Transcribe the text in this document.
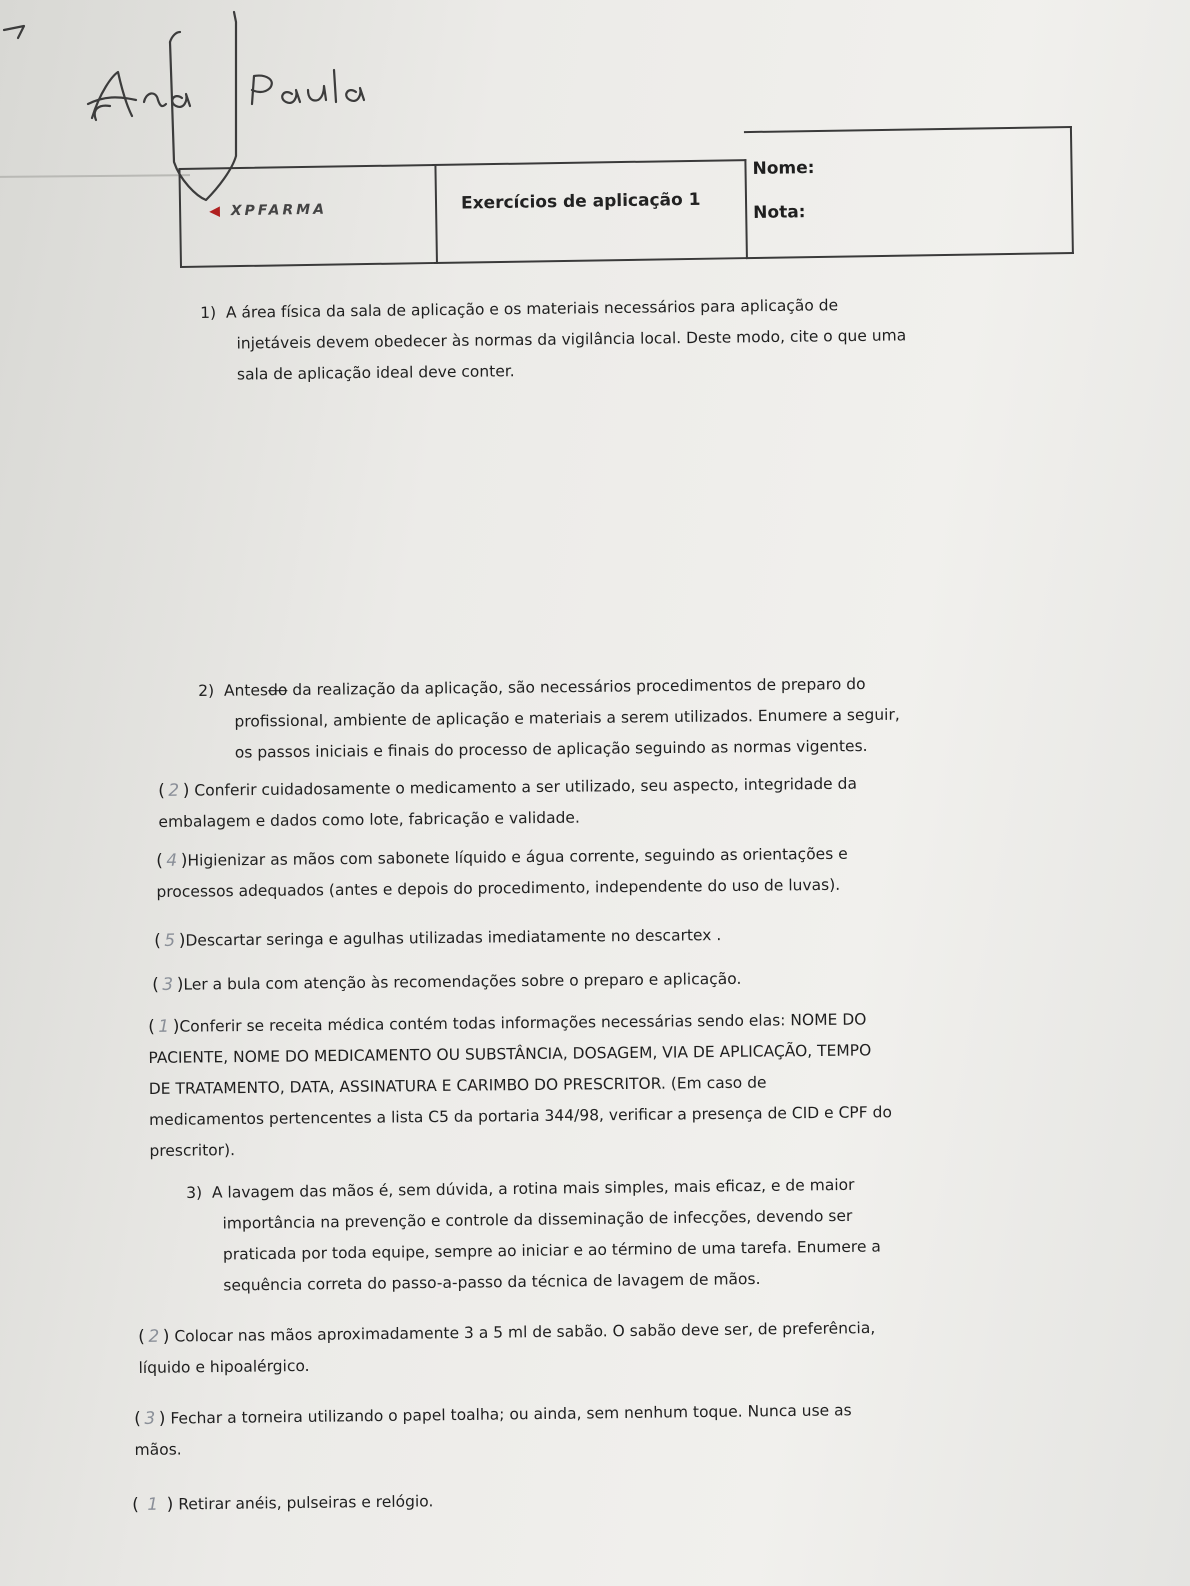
Nome:
Nota:
◀ XPFARMA	Exercícios de aplicação 1
1) A área física da sala de aplicação e os materiais necessários para aplicação de
injetáveis devem obedecer às normas da vigilância local. Deste modo, cite o que uma
sala de aplicação ideal deve conter.

2) Antesdo da realização da aplicação, são necessários procedimentos de preparo do
profissional, ambiente de aplicação e materiais a serem utilizados. Enumere a seguir,
os passos iniciais e finais do processo de aplicação seguindo as normas vigentes.
( 2 ) Conferir cuidadosamente o medicamento a ser utilizado, seu aspecto, integridade da
embalagem e dados como lote, fabricação e validade.
( 4 )Higienizar as mãos com sabonete líquido e água corrente, seguindo as orientações e
processos adequados (antes e depois do procedimento, independente do uso de luvas).
( 5 )Descartar seringa e agulhas utilizadas imediatamente no descartex .
( 3 )Ler a bula com atenção às recomendações sobre o preparo e aplicação.
( 1 )Conferir se receita médica contém todas informações necessárias sendo elas: NOME DO
PACIENTE, NOME DO MEDICAMENTO OU SUBSTÂNCIA, DOSAGEM, VIA DE APLICAÇÃO, TEMPO
DE TRATAMENTO, DATA, ASSINATURA E CARIMBO DO PRESCRITOR. (Em caso de
medicamentos pertencentes a lista C5 da portaria 344/98, verificar a presença de CID e CPF do
prescritor).
3) A lavagem das mãos é, sem dúvida, a rotina mais simples, mais eficaz, e de maior
importância na prevenção e controle da disseminação de infecções, devendo ser
praticada por toda equipe, sempre ao iniciar e ao término de uma tarefa. Enumere a
sequência correta do passo-a-passo da técnica de lavagem de mãos.
( 2 ) Colocar nas mãos aproximadamente 3 a 5 ml de sabão. O sabão deve ser, de preferência,
líquido e hipoalérgico.
( 3 ) Fechar a torneira utilizando o papel toalha; ou ainda, sem nenhum toque. Nunca use as
mãos.
( 1 ) Retirar anéis, pulseiras e relógio.
